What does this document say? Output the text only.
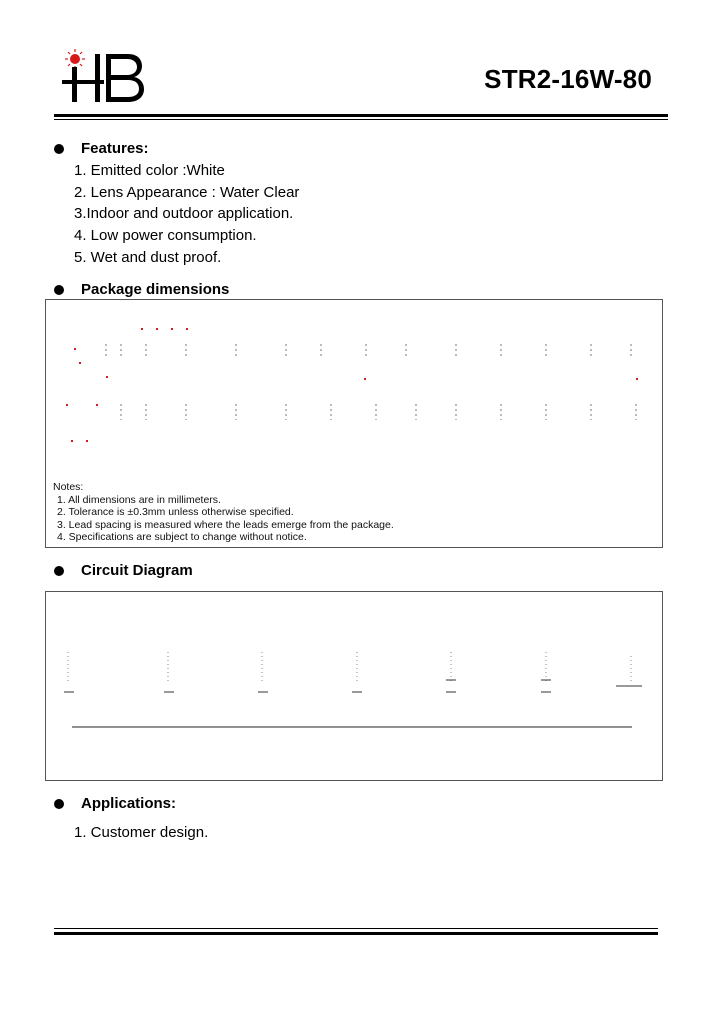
STR2-16W-80
Features:
1. Emitted color :White
2. Lens Appearance : Water Clear
3.Indoor and outdoor application.
4. Low power consumption.
5. Wet and dust proof.
Package dimensions
Notes:
1. All dimensions are in millimeters.
2. Tolerance is ±0.3mm unless otherwise specified.
3. Lead spacing is measured where the leads emerge from the package.
4. Specifications are subject to change without notice.
Circuit Diagram
Applications:
1. Customer design.
